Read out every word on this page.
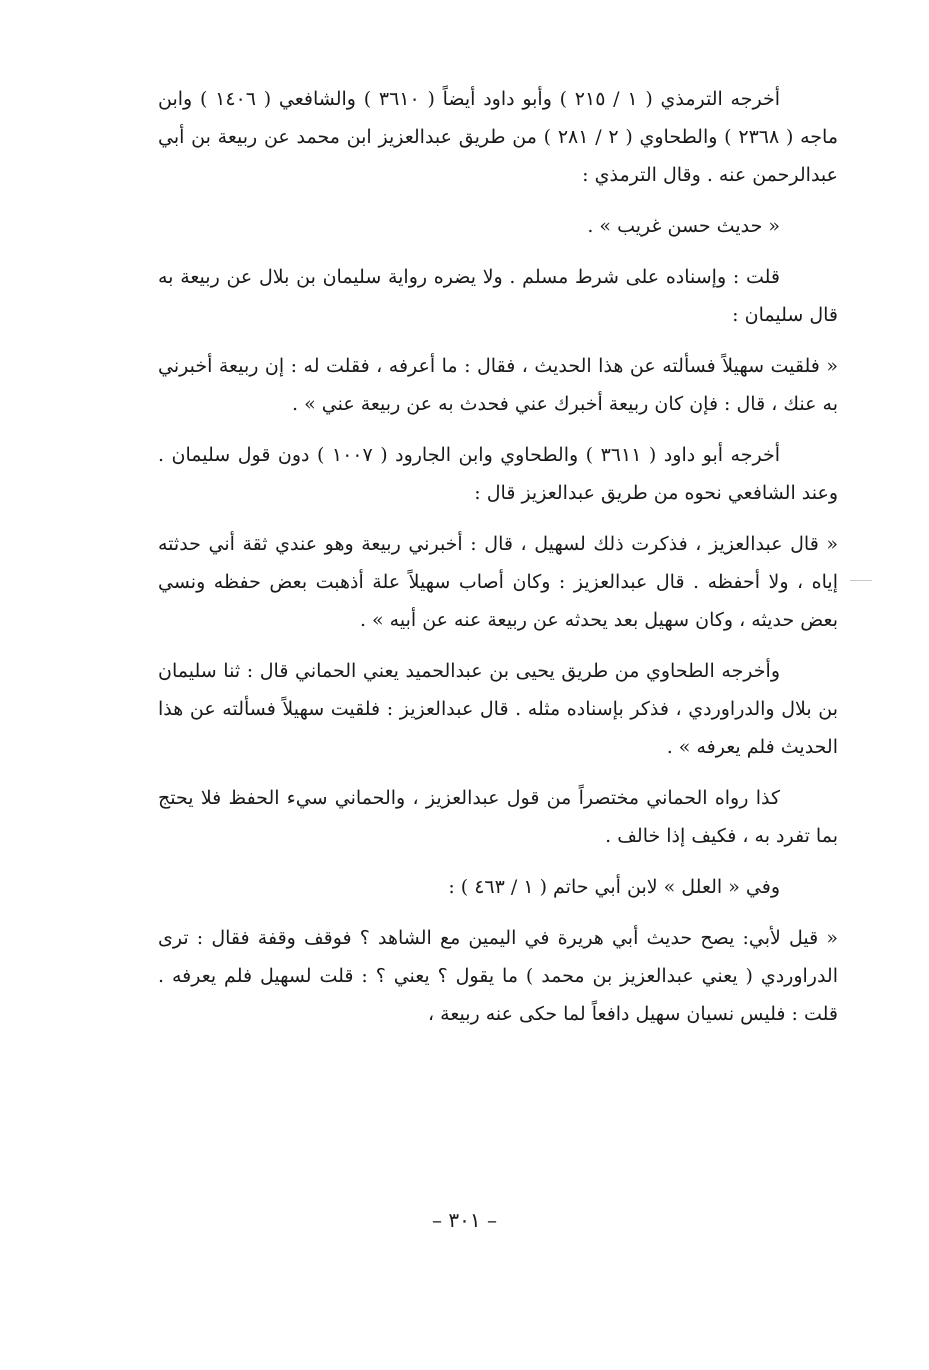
أخرجه الترمذي ( ١ / ٢١٥ ) وأبو داود أيضاً ( ٣٦١٠ ) والشافعي ( ١٤٠٦ ) وابن ماجه ( ٢٣٦٨ ) والطحاوي ( ٢ / ٢٨١ ) من طريق عبدالعزيز ابن محمد عن ربيعة بن أبي عبدالرحمن عنه . وقال الترمذي :

« حديث حسن غريب » .

قلت : وإسناده على شرط مسلم . ولا يضره رواية سليمان بن بلال عن ربيعة به قال سليمان :

« فلقيت سهيلاً فسألته عن هذا الحديث ، فقال : ما أعرفه ، فقلت له : إن ربيعة أخبرني به عنك ، قال : فإن كان ربيعة أخبرك عني فحدث به عن ربيعة عني » .

أخرجه أبو داود ( ٣٦١١ ) والطحاوي وابن الجارود ( ١٠٠٧ ) دون قول سليمان . وعند الشافعي نحوه من طريق عبدالعزيز قال :

« قال عبدالعزيز ، فذكرت ذلك لسهيل ، قال : أخبرني ربيعة وهو عندي ثقة أني حدثته إياه ، ولا أحفظه . قال عبدالعزيز : وكان أصاب سهيلاً علة أذهبت بعض حفظه ونسي بعض حديثه ، وكان سهيل بعد يحدثه عن ربيعة عنه عن أبيه » .

وأخرجه الطحاوي من طريق يحيى بن عبدالحميد يعني الحماني قال : ثنا سليمان بن بلال والدراوردي ، فذكر بإسناده مثله . قال عبدالعزيز : فلقيت سهيلاً فسألته عن هذا الحديث فلم يعرفه » .

كذا رواه الحماني مختصراً من قول عبدالعزيز ، والحماني سيء الحفظ فلا يحتج بما تفرد به ، فكيف إذا خالف .

وفي « العلل » لابن أبي حاتم ( ١ / ٤٦٣ ) :

« قيل لأبي: يصح حديث أبي هريرة في اليمين مع الشاهد ؟ فوقف وقفة فقال : ترى الدراوردي ( يعني عبدالعزيز بن محمد ) ما يقول ؟ يعني ؟ : قلت لسهيل فلم يعرفه . قلت : فليس نسيان سهيل دافعاً لما حكى عنه ربيعة ،

– ٣٠١ –
